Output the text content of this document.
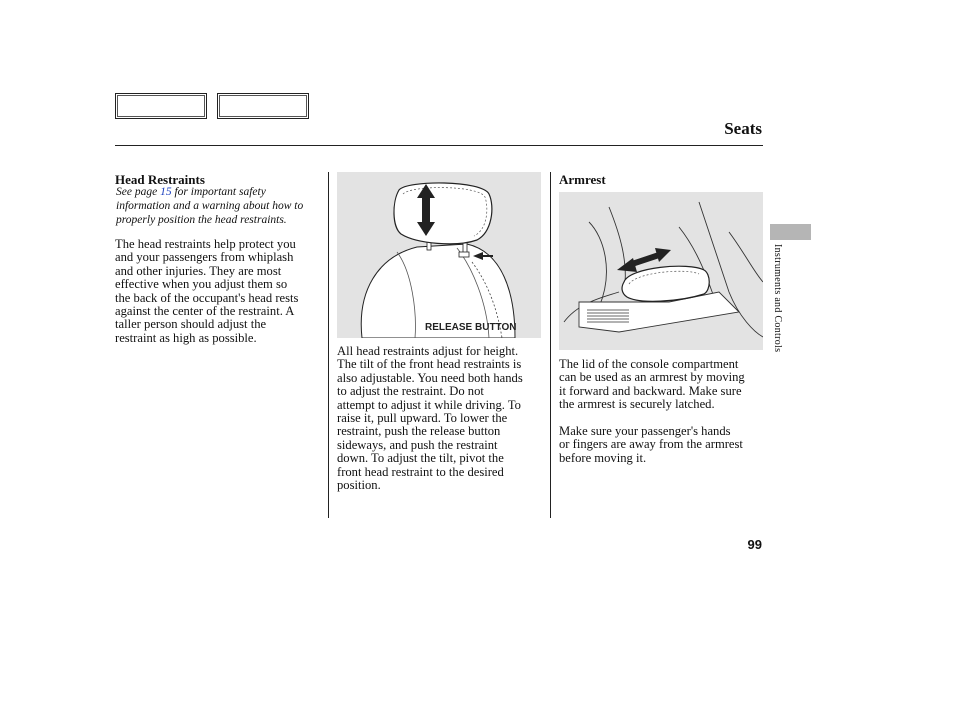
Seats
Head Restraints
See page 15 for important safety
information and a warning about how to
properly position the head restraints.
The head restraints help protect you
and your passengers from whiplash
and other injuries. They are most
effective when you adjust them so
the back of the occupant's head rests
against the center of the restraint. A
taller person should adjust the
restraint as high as possible.
RELEASE BUTTON
All head restraints adjust for height.
The tilt of the front head restraints is
also adjustable. You need both hands
to adjust the restraint. Do not
attempt to adjust it while driving. To
raise it, pull upward. To lower the
restraint, push the release button
sideways, and push the restraint
down. To adjust the tilt, pivot the
front head restraint to the desired
position.
Armrest
The lid of the console compartment
can be used as an armrest by moving
it forward and backward. Make sure
the armrest is securely latched.
Make sure your passenger's hands
or fingers are away from the armrest
before moving it.
Instruments and Controls
99
